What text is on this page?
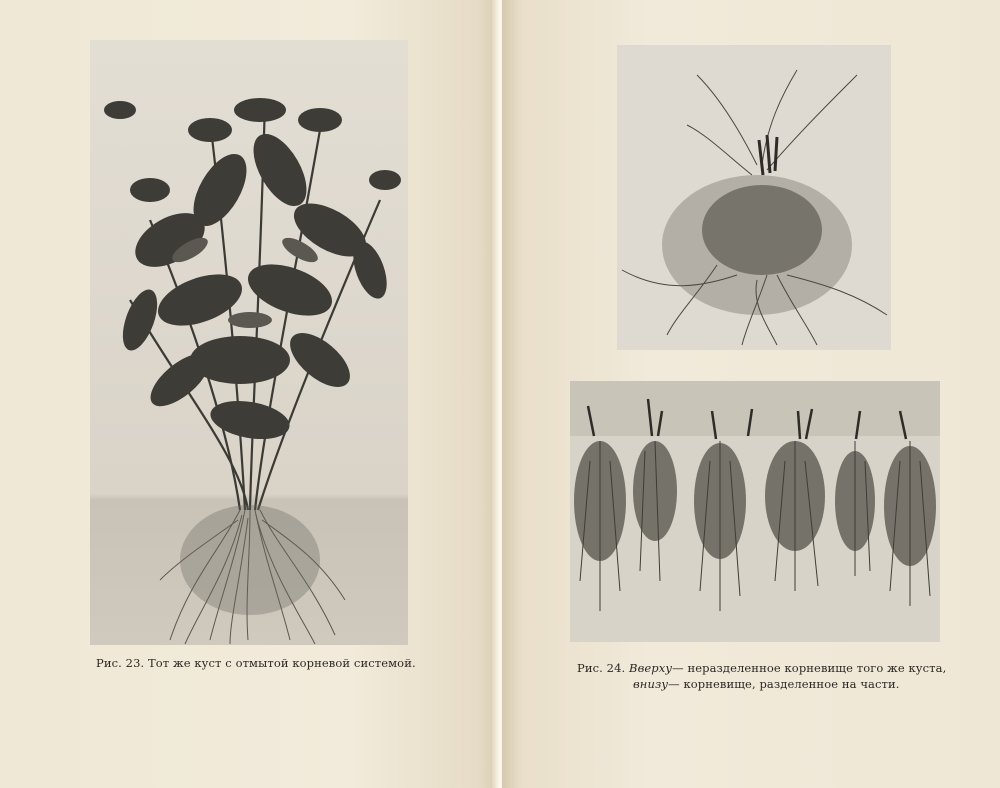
Рис. 23. Тот же куст с отмытой корневой системой.	Рис. 24. Вверху— неразделенное корневище того же куста,
внизу— корневище, разделенное на части.
